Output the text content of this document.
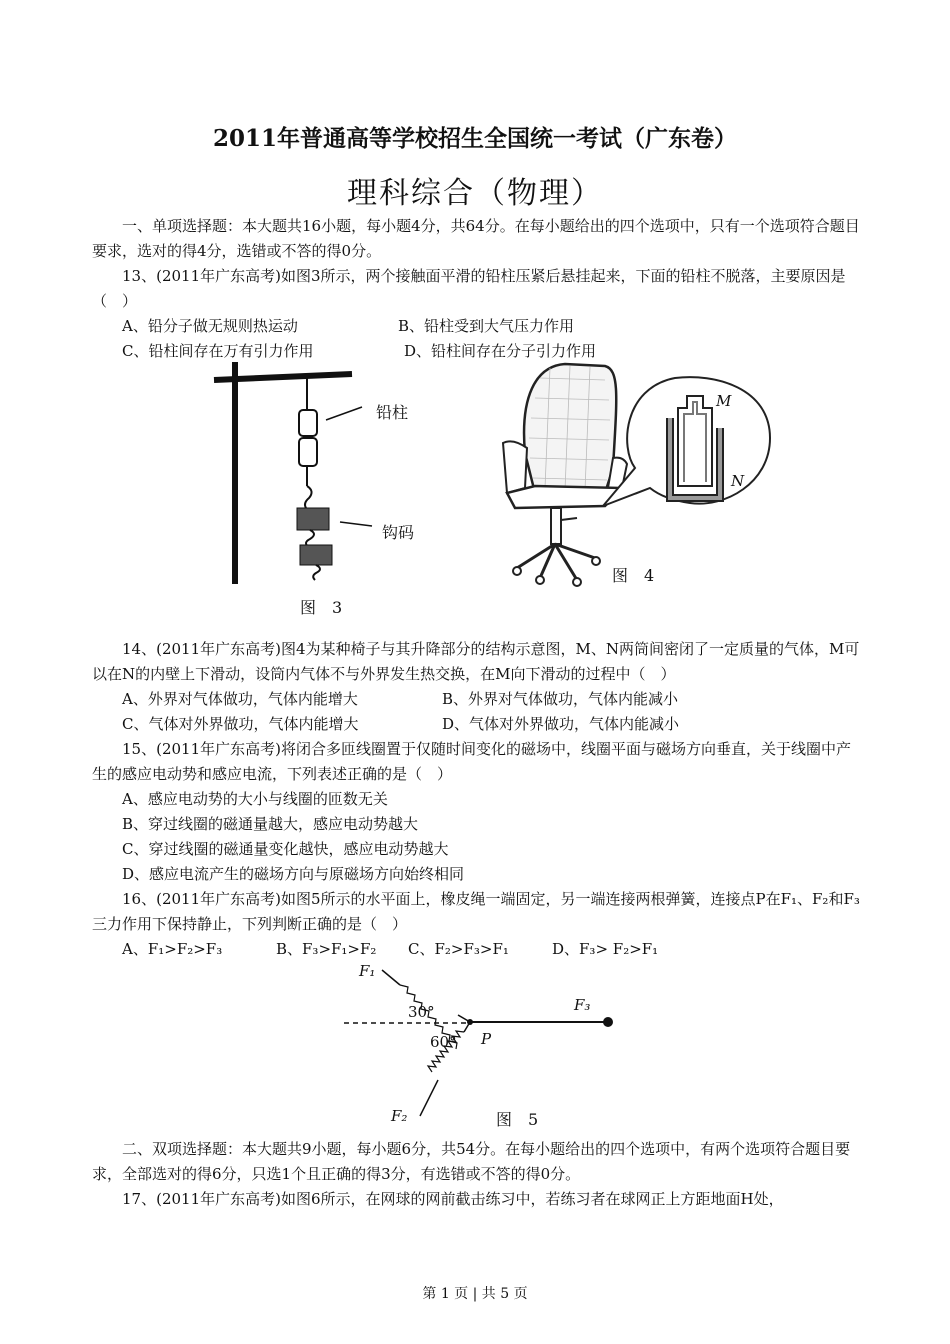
2011年普通高等学校招生全国统一考试（广东卷）
理科综合（物理）
一、单项选择题：本大题共16小题，每小题4分，共64分。在每小题给出的四个选项中，只有一个选项符合题目要求，选对的得4分，选错或不答的得0分。
13、(2011年广东高考)如图3所示，两个接触面平滑的铅柱压紧后悬挂起来，下面的铅柱不脱落，主要原因是（　）
A、铅分子做无规则热运动	B、铅柱受到大气压力作用
C、铅柱间存在万有引力作用	D、铅柱间存在分子引力作用
铅柱
钩码
图　3
M
N
图　4
14、(2011年广东高考)图4为某种椅子与其升降部分的结构示意图，M、N两筒间密闭了一定质量的气体，M可以在N的内壁上下滑动，设筒内气体不与外界发生热交换，在M向下滑动的过程中（　）
A、外界对气体做功，气体内能增大	B、外界对气体做功，气体内能减小
C、气体对外界做功，气体内能增大	D、气体对外界做功，气体内能减小
15、(2011年广东高考)将闭合多匝线圈置于仅随时间变化的磁场中，线圈平面与磁场方向垂直，关于线圈中产生的感应电动势和感应电流，下列表述正确的是（　）
A、感应电动势的大小与线圈的匝数无关
B、穿过线圈的磁通量越大，感应电动势越大
C、穿过线圈的磁通量变化越快，感应电动势越大
D、感应电流产生的磁场方向与原磁场方向始终相同
16、(2011年广东高考)如图5所示的水平面上，橡皮绳一端固定，另一端连接两根弹簧，连接点P在F₁、F₂和F₃三力作用下保持静止，下列判断正确的是（　）
A、F₁>F₂>F₃	B、F₃>F₁>F₂ C、F₂>F₃>F₁	D、F₃> F₂>F₁
F₁
F₃
30°
60° P
F₂	图　5
二、双项选择题：本大题共9小题，每小题6分，共54分。在每小题给出的四个选项中，有两个选项符合题目要求，全部选对的得6分，只选1个且正确的得3分，有选错或不答的得0分。
17、(2011年广东高考)如图6所示，在网球的网前截击练习中，若练习者在球网正上方距地面H处，
第 1 页 | 共 5 页
